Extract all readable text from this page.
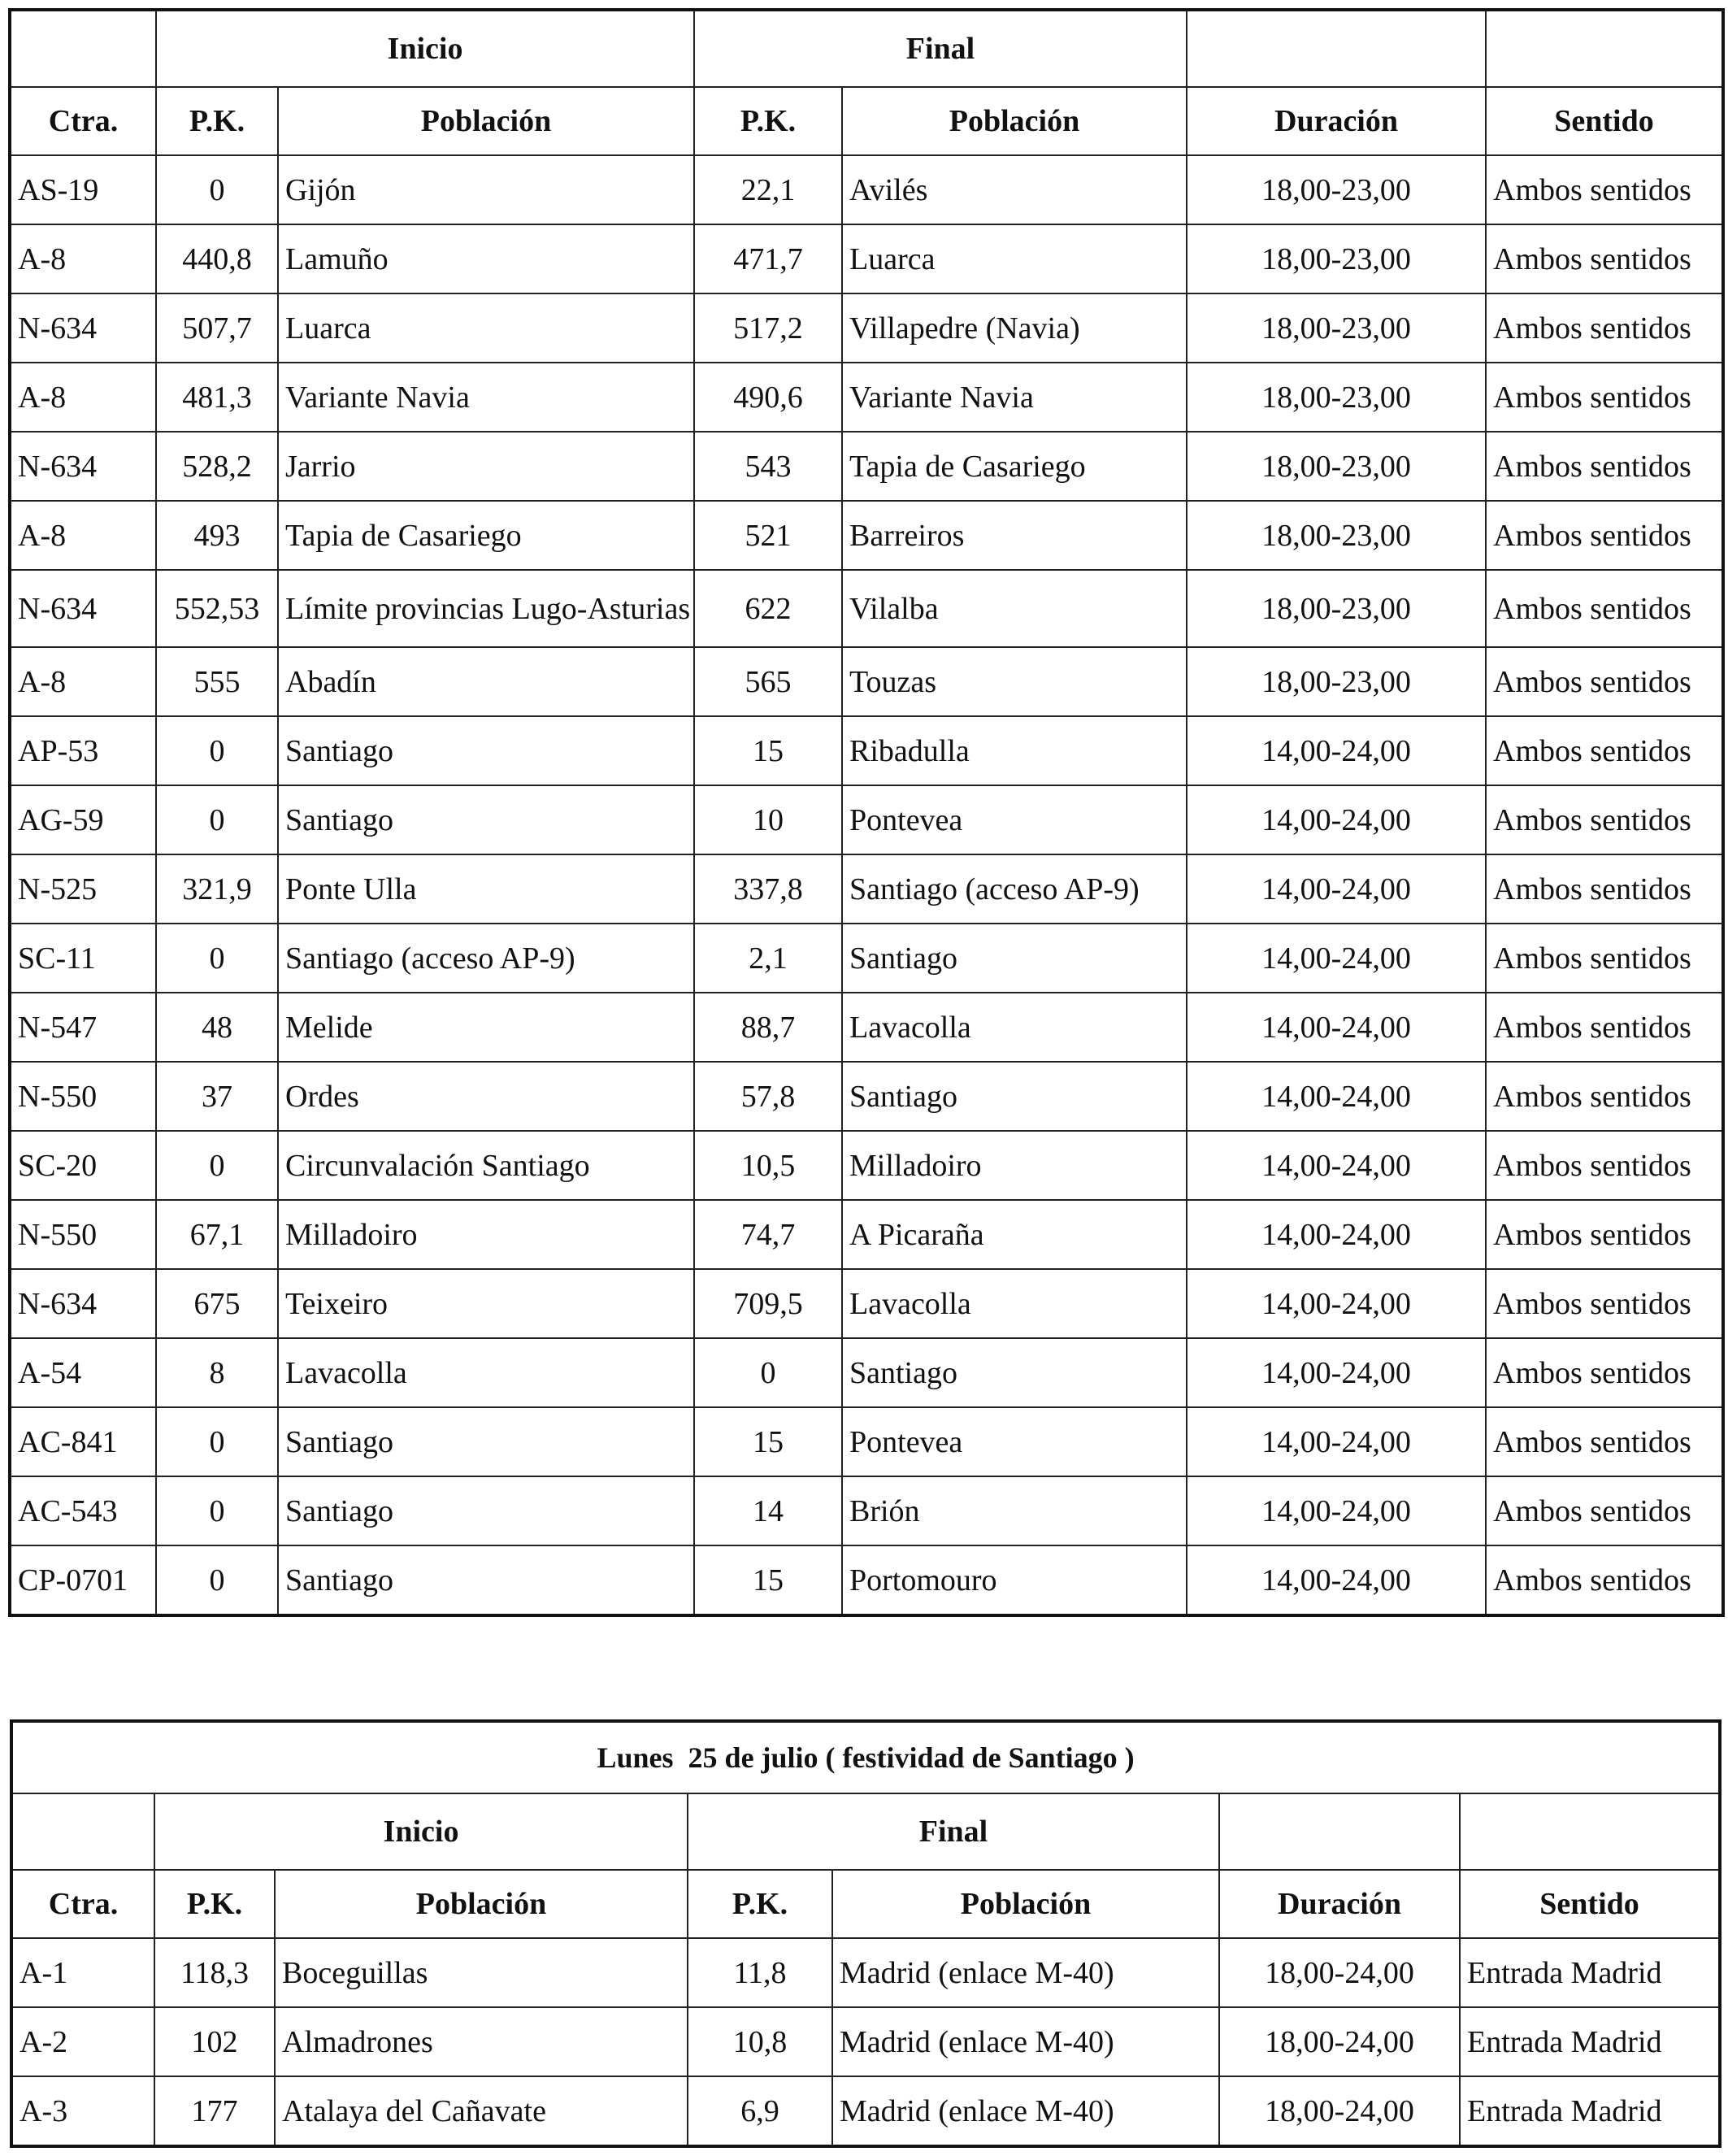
	Inicio		Final			
Ctra.	P.K.	Población	P.K.	Población	Duración	Sentido
AS-19	0	Gijón	22,1	Avilés	18,00-23,00	Ambos sentidos
A-8	440,8	Lamuño	471,7	Luarca	18,00-23,00	Ambos sentidos
N-634	507,7	Luarca	517,2	Villapedre (Navia)	18,00-23,00	Ambos sentidos
A-8	481,3	Variante Navia	490,6	Variante Navia	18,00-23,00	Ambos sentidos
N-634	528,2	Jarrio	543	Tapia de Casariego	18,00-23,00	Ambos sentidos
A-8	493	Tapia de Casariego	521	Barreiros	18,00-23,00	Ambos sentidos
N-634	552,53	Límite provincias Lugo-Asturias	622	Vilalba	18,00-23,00	Ambos sentidos
A-8	555	Abadín	565	Touzas	18,00-23,00	Ambos sentidos
AP-53	0	Santiago	15	Ribadulla	14,00-24,00	Ambos sentidos
AG-59	0	Santiago	10	Pontevea	14,00-24,00	Ambos sentidos
N-525	321,9	Ponte Ulla	337,8	Santiago (acceso AP-9)	14,00-24,00	Ambos sentidos
SC-11	0	Santiago (acceso AP-9)	2,1	Santiago	14,00-24,00	Ambos sentidos
N-547	48	Melide	88,7	Lavacolla	14,00-24,00	Ambos sentidos
N-550	37	Ordes	57,8	Santiago	14,00-24,00	Ambos sentidos
SC-20	0	Circunvalación Santiago	10,5	Milladoiro	14,00-24,00	Ambos sentidos
N-550	67,1	Milladoiro	74,7	A Picaraña	14,00-24,00	Ambos sentidos
N-634	675	Teixeiro	709,5	Lavacolla	14,00-24,00	Ambos sentidos
A-54	8	Lavacolla	0	Santiago	14,00-24,00	Ambos sentidos
AC-841	0	Santiago	15	Pontevea	14,00-24,00	Ambos sentidos
AC-543	0	Santiago	14	Brión	14,00-24,00	Ambos sentidos
CP-0701	0	Santiago	15	Portomouro	14,00-24,00	Ambos sentidos
Lunes  25 de julio ( festividad de Santiago )						
	Inicio		Final			
Ctra.	P.K.	Población	P.K.	Población	Duración	Sentido
A-1	118,3	Boceguillas	11,8	Madrid (enlace M-40)	18,00-24,00	Entrada Madrid
A-2	102	Almadrones	10,8	Madrid (enlace M-40)	18,00-24,00	Entrada Madrid
A-3	177	Atalaya del Cañavate	6,9	Madrid (enlace M-40)	18,00-24,00	Entrada Madrid
